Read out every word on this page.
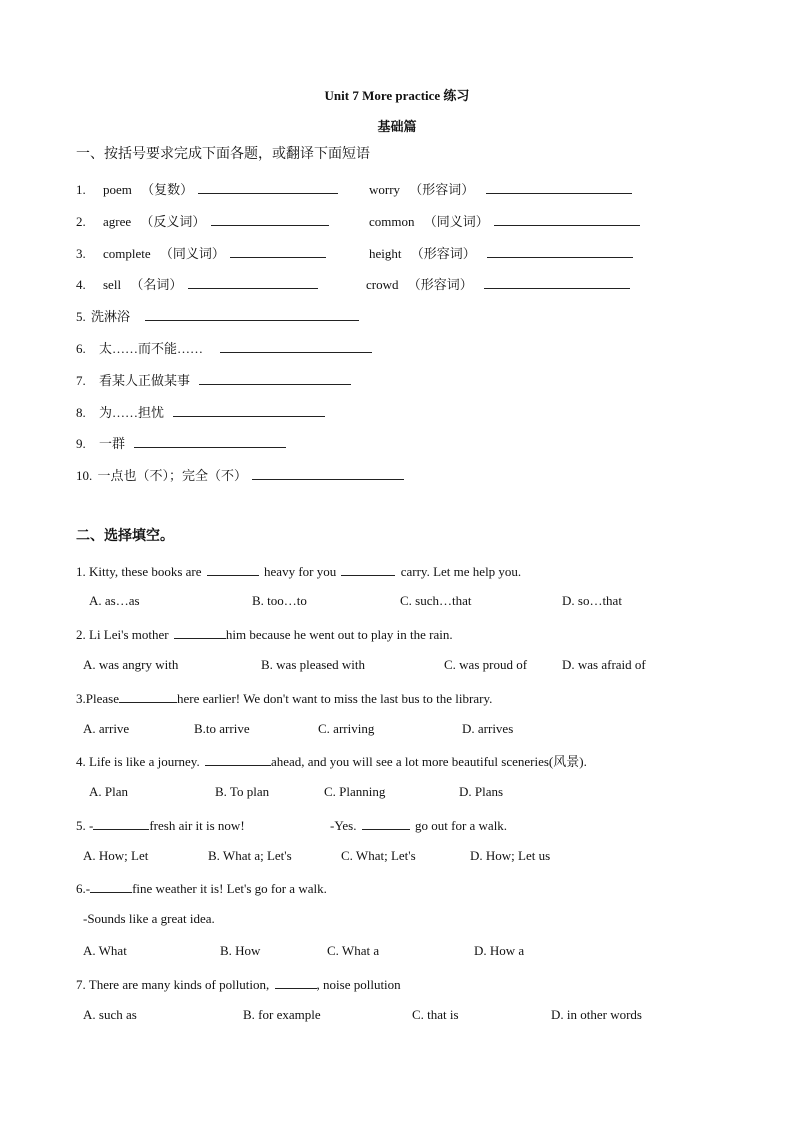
Unit 7 More practice 练习
基础篇
一、按括号要求完成下面各题，或翻译下面短语
1. poem （复数）	worry （形容词）
2. agree （反义词）	common （同义词）
3. complete （同义词）	height （形容词）
4. sell （名词）	crowd （形容词）
5. 洗淋浴
6. 太……而不能……
7. 看某人正做某事
8. 为……担忧
9. 一群
10. 一点也（不）；完全（不）
二、选择填空。
1. Kitty, these books are	heavy for you	carry. Let me help you.
A. as…as	B. too…to	C. such…that	D. so…that
2. Li Lei's mother	him because he went out to play in the rain.
A. was angry with	B. was pleased with	C. was proud of	D. was afraid of
3.Please	here earlier! We don't want to miss the last bus to the library.
A. arrive	B.to arrive	C. arriving	D. arrives
4. Life is like a journey.	ahead, and you will see a lot more beautiful sceneries(风景).
A. Plan	B. To plan	C. Planning	D. Plans
5. -	fresh air it is now!	-Yes.	go out for a walk.
A. How; Let	B. What a; Let's	C. What; Let's	D. How; Let us
6.-	fine weather it is! Let's go for a walk.
-Sounds like a great idea.
A. What	B. How	C. What a	D. How a
7. There are many kinds of pollution,	, noise pollution
A. such as	B. for example	C. that is	D. in other words
